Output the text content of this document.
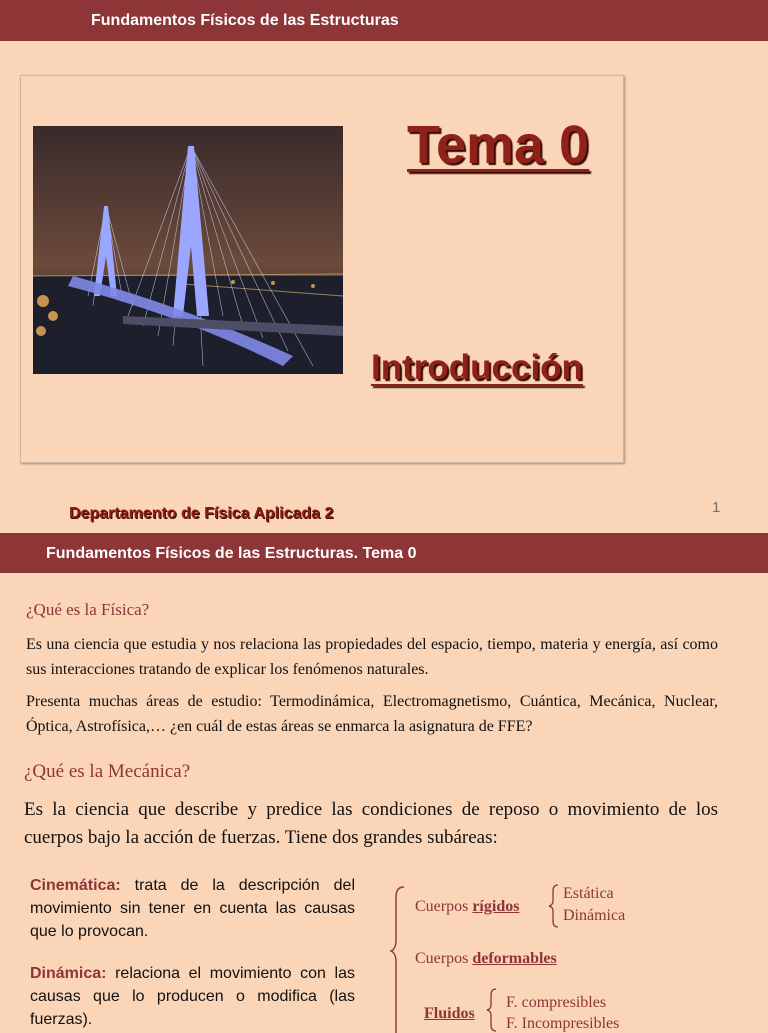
Fundamentos Físicos de las Estructuras
Tema 0
Introducción
Departamento de Física Aplicada 2	1
Fundamentos Físicos de las Estructuras. Tema 0
¿Qué es la Física?
Es una ciencia que estudia y nos relaciona las propiedades del espacio, tiempo, materia y energía, así como sus interacciones tratando de explicar los fenómenos naturales.
Presenta muchas áreas de estudio: Termodinámica, Electromagnetismo, Cuántica, Mecánica, Nuclear, Óptica, Astrofísica,… ¿en cuál de estas áreas se enmarca la asignatura de FFE?
¿Qué es la Mecánica?
Es la ciencia que describe y predice las condiciones de reposo o movimiento de los cuerpos bajo la acción de fuerzas. Tiene dos grandes subáreas:
Cinemática: trata de la descripción del movimiento sin tener en cuenta las causas que lo provocan.
Dinámica: relaciona el movimiento con las causas que lo producen o modifica (las fuerzas).
Cuerpos rígidos
Estática
Dinámica
Cuerpos deformables
Fluidos
F. compresibles
F. Incompresibles
